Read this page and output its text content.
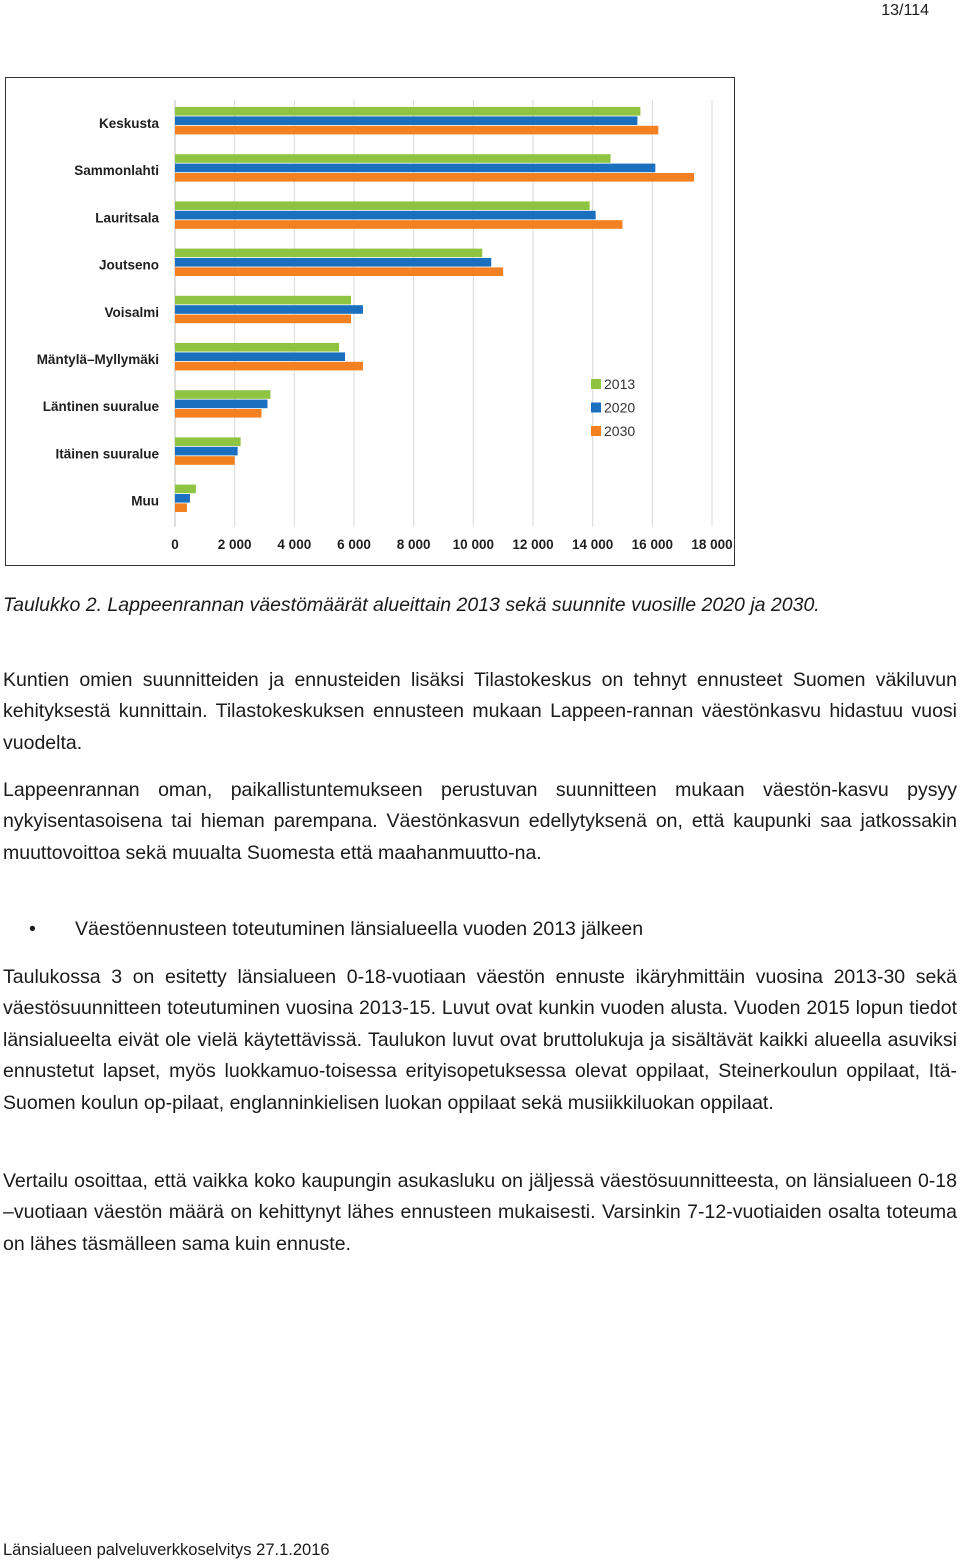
13/114
Keskusta
Sammonlahti
Lauritsala
Joutseno
Voisalmi
Mäntylä–Myllymäki
Läntinen suuralue
Itäinen suuralue
Muu
0	2 000 4 000 6 000 8 000 10 000 12 000 14 000 16 000 18 000
2013
2020
2030
Taulukko 2. Lappeenrannan väestömäärät alueittain 2013 sekä suunnite vuosille 2020 ja 2030.
Kuntien omien suunnitteiden ja ennusteiden lisäksi Tilastokeskus on tehnyt ennusteet Suomen väkiluvun kehityksestä kunnittain. Tilastokeskuksen ennusteen mukaan Lappeen-rannan väestönkasvu hidastuu vuosi vuodelta.
Lappeenrannan oman, paikallistuntemukseen perustuvan suunnitteen mukaan väestön-kasvu pysyy nykyisentasoisena tai hieman parempana. Väestönkasvun edellytyksenä on, että kaupunki saa jatkossakin muuttovoittoa sekä muualta Suomesta että maahanmuutto-na.
• Väestöennusteen toteutuminen länsialueella vuoden 2013 jälkeen
Taulukossa 3 on esitetty länsialueen 0-18-vuotiaan väestön ennuste ikäryhmittäin vuosina 2013-30 sekä väestösuunnitteen toteutuminen vuosina 2013-15. Luvut ovat kunkin vuoden alusta. Vuoden 2015 lopun tiedot länsialueelta eivät ole vielä käytettävissä. Taulukon luvut ovat bruttolukuja ja sisältävät kaikki alueella asuviksi ennustetut lapset, myös luokkamuo-toisessa erityisopetuksessa olevat oppilaat, Steinerkoulun oppilaat, Itä-Suomen koulun op-pilaat, englanninkielisen luokan oppilaat sekä musiikkiluokan oppilaat.
Vertailu osoittaa, että vaikka koko kaupungin asukasluku on jäljessä väestösuunnitteesta, on länsialueen 0-18 –vuotiaan väestön määrä on kehittynyt lähes ennusteen mukaisesti. Varsinkin 7-12-vuotiaiden osalta toteuma on lähes täsmälleen sama kuin ennuste.
Länsialueen palveluverkkoselvitys 27.1.2016
